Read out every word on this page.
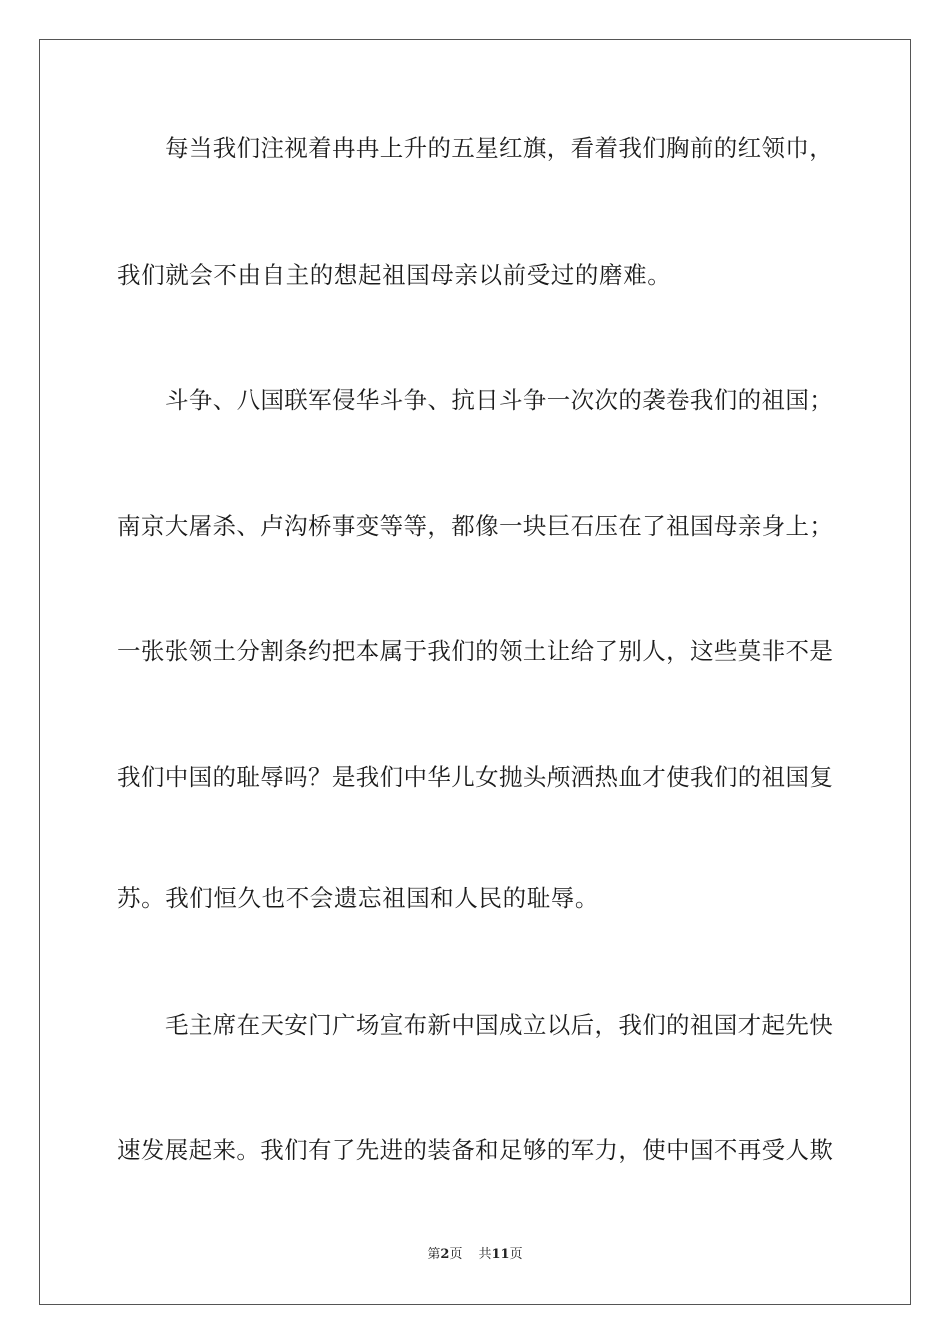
每 当 我 们 注 视 着 冉 冉 上 升 的 五 星 红 旗 ， 看 着 我 们 胸 前 的 红 领 巾 ，
我们就会不由自主的想起祖国母亲以前受过的磨难。
斗 争 、 八 国 联 军 侵 华 斗 争 、 抗 日 斗 争 一 次 次 的 袭 卷 我 们 的 祖 国 ；
南 京 大 屠 杀 、 卢 沟 桥 事 变 等 等 ， 都 像 一 块 巨 石 压 在 了 祖 国 母 亲 身 上 ；
一 张 张 领 土 分 割 条 约 把 本 属 于 我 们 的 领 土 让 给 了 别 人 ， 这 些 莫 非 不 是
我 们 中 国 的 耻 辱 吗 ？ 是 我 们 中 华 儿 女 抛 头 颅 洒 热 血 才 使 我 们 的 祖 国 复
苏。我们恒久也不会遗忘祖国和人民的耻辱。
毛 主 席 在 天 安 门 广 场 宣 布 新 中 国 成 立 以 后 ， 我 们 的 祖 国 才 起 先 快
速 发 展 起 来 。 我 们 有 了 先 进 的 装 备 和 足 够 的 军 力 ， 使 中 国 不 再 受 人 欺
第2页 共11页
